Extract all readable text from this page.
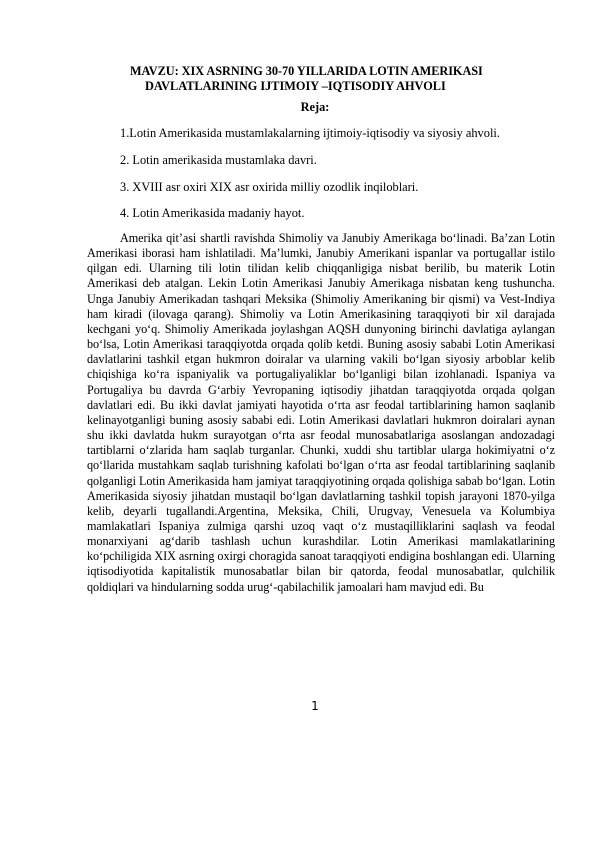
MAVZU: XIX ASRNING 30-70 YILLARIDA LOTIN AMERIKASI
DAVLATLARINING IJTIMOIY –IQTISODIY AHVOLI
Reja:
1.Lotin Amerikasida mustamlakalarning ijtimoiy-iqtisodiy va siyosiy ahvoli.
2. Lotin amerikasida mustamlaka davri.
3. XVIII asr oxiri XIX asr oxirida milliy ozodlik inqiloblari.
4. Lotin Amerikasida madaniy hayot.

Amerika qit’asi shartli ravishda Shimoliy va Janubiy Amerikaga bo‘linadi. Ba’zan Lotin Amerikasi iborasi ham ishlatiladi. Ma’lumki, Janubiy Amerikani ispanlar va portugallar istilo qilgan edi. Ularning tili lotin tilidan kelib chiqqanligiga nisbat berilib, bu materik Lotin Amerikasi deb atalgan. Lekin Lotin Amerikasi Janubiy Amerikaga nisbatan keng tushuncha. Unga Janubiy Amerikadan tashqari Meksika (Shimoliy Amerikaning bir qismi) va Vest-Indiya ham kiradi (ilovaga qarang). Shimoliy va Lotin Amerikasining taraqqiyoti bir xil darajada kechgani yo‘q. Shimoliy Amerikada joylashgan AQSH dunyoning birinchi davlatiga aylangan bo‘lsa, Lotin Amerikasi taraqqiyotda orqada qolib ketdi. Buning asosiy sababi Lotin Amerikasi davlatlarini tashkil etgan hukmron doiralar va ularning vakili bo‘lgan siyosiy arboblar kelib chiqishiga ko‘ra ispaniyalik va portugaliyaliklar bo‘lganligi bilan izohlanadi. Ispaniya va Portugaliya bu davrda G‘arbiy Yevropaning iqtisodiy jihatdan taraqqiyotda orqada qolgan davlatlari edi. Bu ikki davlat jamiyati hayotida o‘rta asr feodal tartiblarining hamon saqlanib kelinayotganligi buning asosiy sababi edi. Lotin Amerikasi davlatlari hukmron doiralari aynan shu ikki davlatda hukm surayotgan o‘rta asr feodal munosabatlariga asoslangan andozadagi tartiblarni o‘zlarida ham saqlab turganlar. Chunki, xuddi shu tartiblar ularga hokimiyatni o‘z qo‘llarida mustahkam saqlab turishning kafolati bo‘lgan o‘rta asr feodal tartiblarining saqlanib qolganligi Lotin Amerikasida ham jamiyat taraqqiyotining orqada qolishiga sabab bo‘lgan. Lotin Amerikasida siyosiy jihatdan mustaqil bo‘lgan davlatlarning tashkil topish jarayoni 1870-yilga kelib, deyarli tugallandi.Argentina, Meksika, Chili, Urugvay, Venesuela va Kolumbiya mamlakatlari Ispaniya zulmiga qarshi uzoq vaqt o‘z mustaqilliklarini saqlash va feodal monarxiyani ag‘darib tashlash uchun kurashdilar. Lotin Amerikasi mamlakatlarining ko‘pchiligida XIX asrning oxirgi choragida sanoat taraqqiyoti endigina boshlangan edi. Ularning iqtisodiyotida kapitalistik munosabatlar bilan bir qatorda, feodal munosabatlar, qulchilik qoldiqlari va hindularning sodda urug‘-qabilachilik jamoalari ham mavjud edi. Bu

1
